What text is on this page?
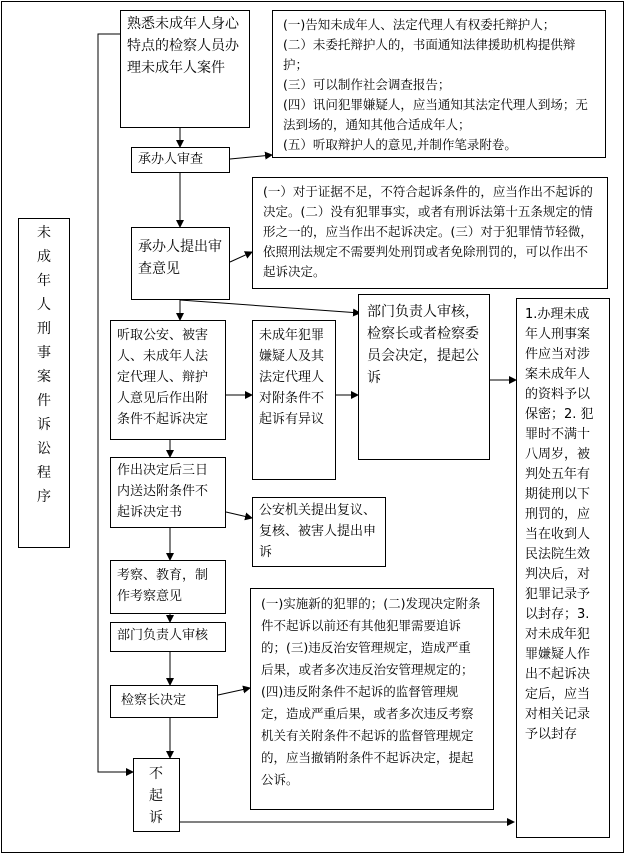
未成年人刑事案件诉讼程序
熟悉未成年人身心特点的检察人员办理未成年人案件
承办人审查
(一)告知未成年人、法定代理人有权委托辩护人；
(二）未委托辩护人的，书面通知法律援助机构提供辩护；
(三）可以制作社会调查报告；
(四）讯问犯罪嫌疑人，应当通知其法定代理人到场；无法到场的，通知其他合适成年人；
(五）听取辩护人的意见,并制作笔录附卷。
承办人提出审查意见
(一）对于证据不足，不符合起诉条件的，应当作出不起诉的决定。(二）没有犯罪事实，或者有刑诉法第十五条规定的情形之一的，应当作出不起诉决定。(三）对于犯罪情节轻微，依照刑法规定不需要判处刑罚或者免除刑罚的，可以作出不起诉决定。
听取公安、被害人、未成年人法定代理人、辩护人意见后作出附条件不起诉决定
未成年犯罪嫌疑人及其法定代理人对附条件不起诉有异议
部门负责人审核，检察长或者检察委员会决定，提起公诉
1.办理未成年人刑事案件应当对涉案未成年人的资料予以保密；2. 犯罪时不满十八周岁，被判处五年有期徒刑以下刑罚的，应当在收到人民法院生效判决后，对犯罪记录予以封存；3.对未成年犯罪嫌疑人作出不起诉决定后，应当对相关记录予以封存
作出决定后三日内送达附条件不起诉决定书	公安机关提出复议、复核、被害人提出申诉
考察、教育，制作考察意见
部门负责人审核
检察长决定
(一)实施新的犯罪的；(二)发现决定附条件不起诉以前还有其他犯罪需要追诉的；(三)违反治安管理规定，造成严重后果，或者多次违反治安管理规定的；(四)违反附条件不起诉的监督管理规定，造成严重后果，或者多次违反考察机关有关附条件不起诉的监督管理规定的，应当撤销附条件不起诉决定，提起公诉。
不起诉
